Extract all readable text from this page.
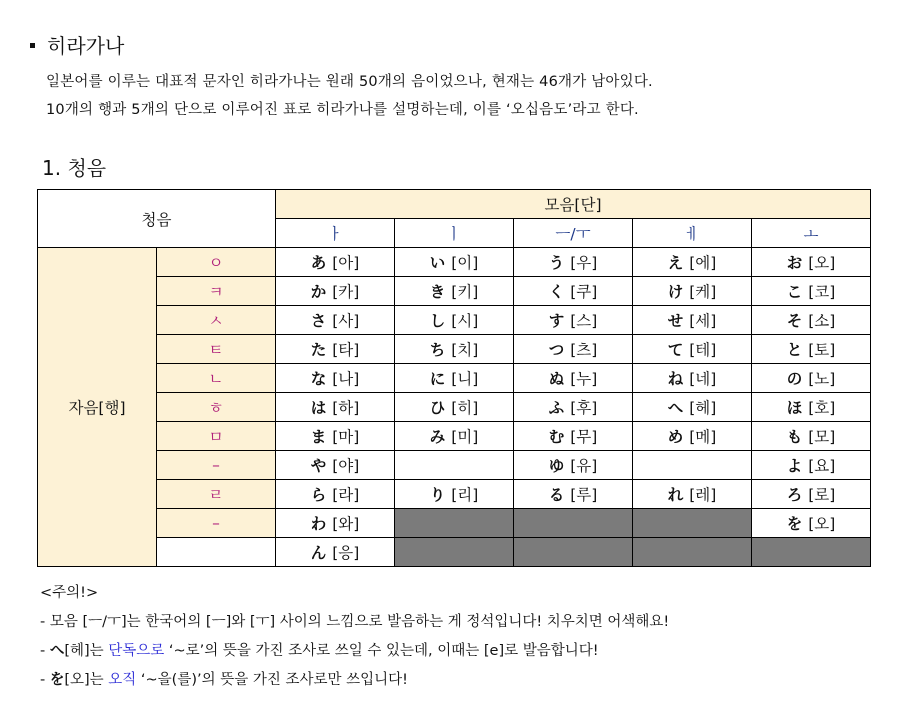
히라가나
일본어를 이루는 대표적 문자인 히라가나는 원래 50개의 음이었으나, 현재는 46개가 남아있다.
10개의 행과 5개의 단으로 이루어진 표로 히라가나를 설명하는데, 이를 ‘오십음도’라고 한다.
1. 청음
청음		모음[단]				
		ㅏ	ㅣ	ㅡ/ㅜ	ㅔ	ㅗ
자음[행]	ㅇ	あ [아]	い [이]	う [우]	え [에]	お [오]
	ㅋ	か [카]	き [키]	く [쿠]	け [케]	こ [코]
	ㅅ	さ [사]	し [시]	す [스]	せ [세]	そ [소]
	ㅌ	た [타]	ち [치]	つ [츠]	て [테]	と [토]
	ㄴ	な [나]	に [니]	ぬ [누]	ね [네]	の [노]
	ㅎ	は [하]	ひ [히]	ふ [후]	へ [헤]	ほ [호]
	ㅁ	ま [마]	み [미]	む [무]	め [메]	も [모]
	–	や [야]		ゆ [유]		よ [요]
	ㄹ	ら [라]	り [리]	る [루]	れ [레]	ろ [로]
	–	わ [와]				を [오]
		ん [응]				
<주의!>
- 모음 [ㅡ/ㅜ]는 한국어의 [ㅡ]와 [ㅜ] 사이의 느낌으로 발음하는 게 정석입니다! 치우치면 어색해요!
- へ[헤]는 단독으로 ‘~로’의 뜻을 가진 조사로 쓰일 수 있는데, 이때는 [e]로 발음합니다!
- を[오]는 오직 ‘~을(를)’의 뜻을 가진 조사로만 쓰입니다!
